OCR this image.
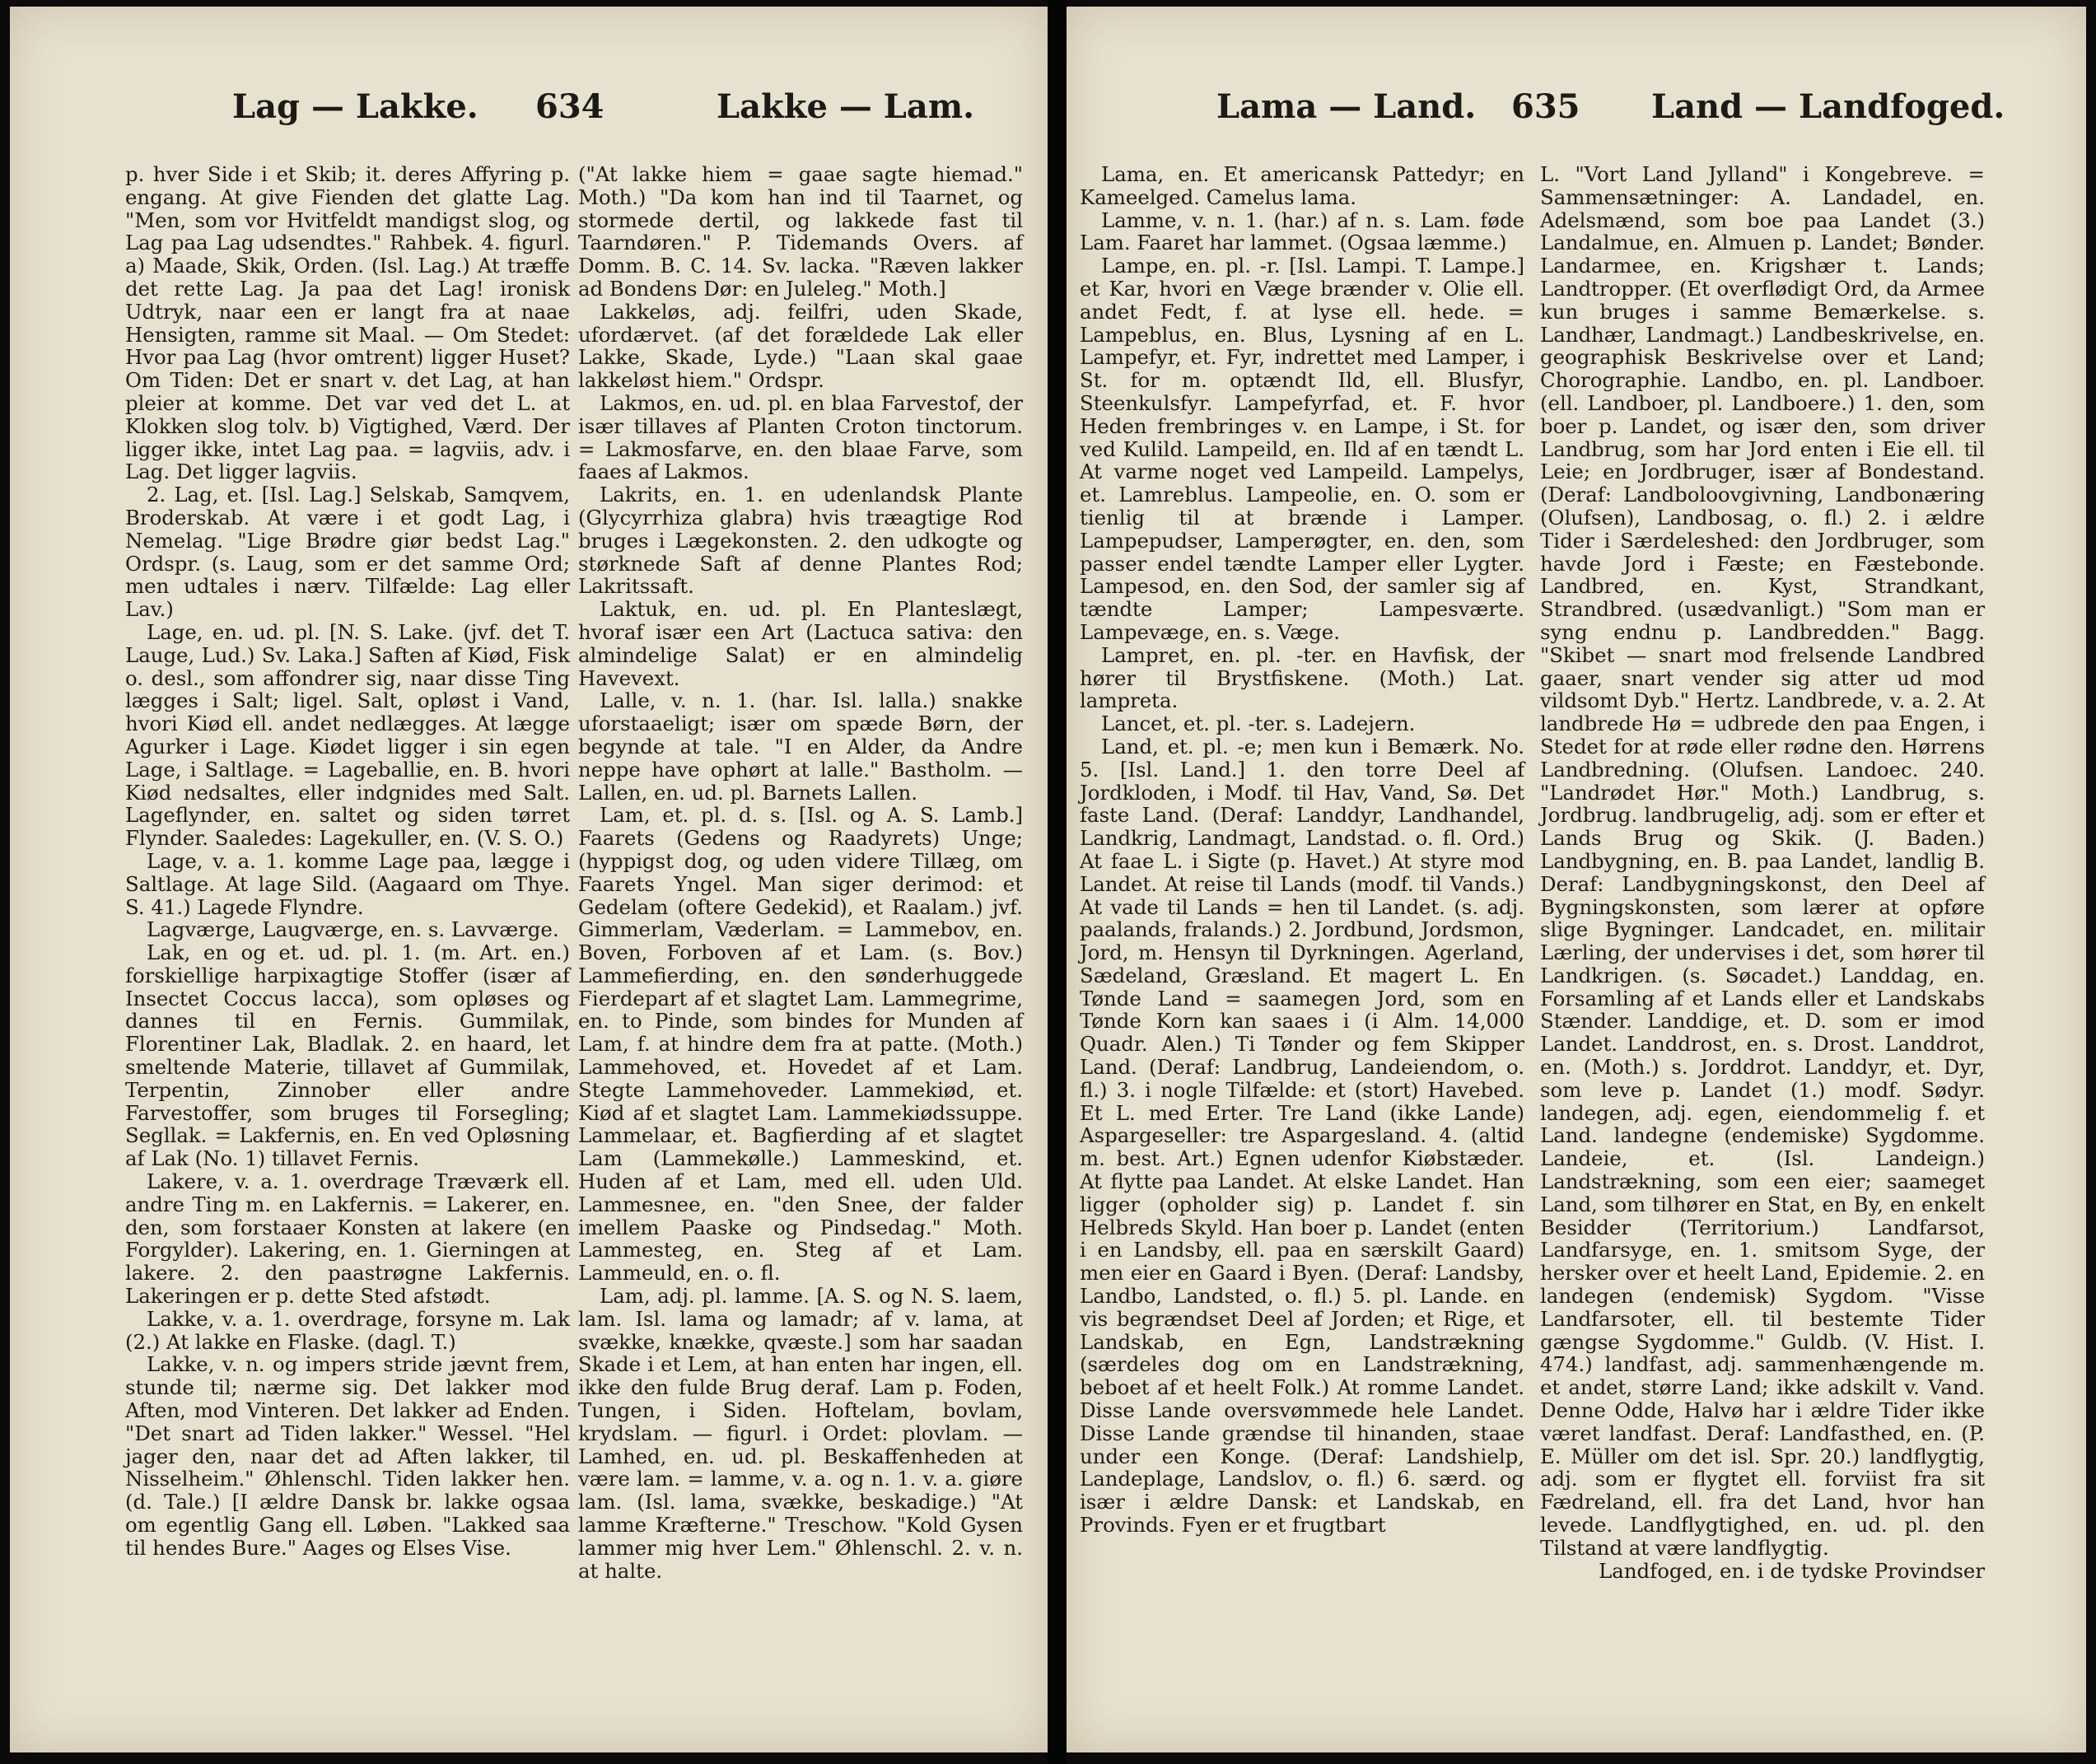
Lag — Lakke. 634	Lakke — Lam.

p. hver Side i et Skib; it. deres Affyring p. engang. At give Fienden det glatte Lag. "Men, som vor Hvitfeldt mandigst slog, og Lag paa Lag udsendtes." Rahbek. 4. figurl. a) Maade, Skik, Orden. (Isl. Lag.) At træffe det rette Lag. Ja paa det Lag! ironisk Udtryk, naar een er langt fra at naae Hensigten, ramme sit Maal. — Om Stedet: Hvor paa Lag (hvor omtrent) ligger Huset? Om Tiden: Det er snart v. det Lag, at han pleier at komme. Det var ved det L. at Klokken slog tolv. b) Vigtighed, Værd. Der ligger ikke, intet Lag paa. = lagviis, adv. i Lag. Det ligger lagviis.

2. Lag, et. [Isl. Lag.] Selskab, Samqvem, Broderskab. At være i et godt Lag, i Nemelag. "Lige Brødre giør bedst Lag." Ordspr. (s. Laug, som er det samme Ord; men udtales i nærv. Tilfælde: Lag eller Lav.)

Lage, en. ud. pl. [N. S. Lake. (jvf. det T. Lauge, Lud.) Sv. Laka.] Saften af Kiød, Fisk o. desl., som affondrer sig, naar disse Ting lægges i Salt; ligel. Salt, opløst i Vand, hvori Kiød ell. andet nedlægges. At lægge Agurker i Lage. Kiødet ligger i sin egen Lage, i Saltlage. = Lageballie, en. B. hvori Kiød nedsaltes, eller indgnides med Salt. Lageflynder, en. saltet og siden tørret Flynder. Saaledes: Lagekuller, en. (V. S. O.)

Lage, v. a. 1. komme Lage paa, lægge i Saltlage. At lage Sild. (Aagaard om Thye. S. 41.) Lagede Flyndre.

Lagværge, Laugværge, en. s. Lavværge.

Lak, en og et. ud. pl. 1. (m. Art. en.) forskiellige harpixagtige Stoffer (især af Insectet Coccus lacca), som opløses og dannes til en Fernis. Gummilak, Florentiner Lak, Bladlak. 2. en haard, let smeltende Materie, tillavet af Gummilak, Terpentin, Zinnober eller andre Farvestoffer, som bruges til Forsegling; Segllak. = Lakfernis, en. En ved Opløsning af Lak (No. 1) tillavet Fernis.

Lakere, v. a. 1. overdrage Træværk ell. andre Ting m. en Lakfernis. = Lakerer, en. den, som forstaaer Konsten at lakere (en Forgylder). Lakering, en. 1. Gierningen at lakere. 2. den paastrøgne Lakfernis. Lakeringen er p. dette Sted afstødt.

Lakke, v. a. 1. overdrage, forsyne m. Lak (2.) At lakke en Flaske. (dagl. T.)

Lakke, v. n. og impers stride jævnt frem, stunde til; nærme sig. Det lakker mod Aften, mod Vinteren. Det lakker ad Enden. "Det snart ad Tiden lakker." Wessel. "Hel jager den, naar det ad Aften lakker, til Nisselheim." Øhlenschl. Tiden lakker hen. (d. Tale.) [I ældre Dansk br. lakke ogsaa om egentlig Gang ell. Løben. "Lakked saa til hendes Bure." Aages og Elses Vise.

("At lakke hiem = gaae sagte hiemad." Moth.) "Da kom han ind til Taarnet, og stormede dertil, og lakkede fast til Taarndøren." P. Tidemands Overs. af Domm. B. C. 14. Sv. lacka. "Ræven lakker ad Bondens Dør: en Juleleg." Moth.]

Lakkeløs, adj. feilfri, uden Skade, ufordærvet. (af det forældede Lak eller Lakke, Skade, Lyde.) "Laan skal gaae lakkeløst hiem." Ordspr.

Lakmos, en. ud. pl. en blaa Farvestof, der især tillaves af Planten Croton tinctorum. = Lakmosfarve, en. den blaae Farve, som faaes af Lakmos.

Lakrits, en. 1. en udenlandsk Plante (Glycyrrhiza glabra) hvis træagtige Rod bruges i Lægekonsten. 2. den udkogte og størknede Saft af denne Plantes Rod; Lakritssaft.

Laktuk, en. ud. pl. En Planteslægt, hvoraf især een Art (Lactuca sativa: den almindelige Salat) er en almindelig Havevext.

Lalle, v. n. 1. (har. Isl. lalla.) snakke uforstaaeligt; især om spæde Børn, der begynde at tale. "I en Alder, da Andre neppe have ophørt at lalle." Bastholm. — Lallen, en. ud. pl. Barnets Lallen.

Lam, et. pl. d. s. [Isl. og A. S. Lamb.] Faarets (Gedens og Raadyrets) Unge; (hyppigst dog, og uden videre Tillæg, om Faarets Yngel. Man siger derimod: et Gedelam (oftere Gedekid), et Raalam.) jvf. Gimmerlam, Væderlam. = Lammebov, en. Boven, Forboven af et Lam. (s. Bov.) Lammefierding, en. den sønderhuggede Fierdepart af et slagtet Lam. Lammegrime, en. to Pinde, som bindes for Munden af Lam, f. at hindre dem fra at patte. (Moth.) Lammehoved, et. Hovedet af et Lam. Stegte Lammehoveder. Lammekiød, et. Kiød af et slagtet Lam. Lammekiødssuppe. Lammelaar, et. Bagfierding af et slagtet Lam (Lammekølle.) Lammeskind, et. Huden af et Lam, med ell. uden Uld. Lammesnee, en. "den Snee, der falder imellem Paaske og Pindsedag." Moth. Lammesteg, en. Steg af et Lam. Lammeuld, en. o. fl.

Lam, adj. pl. lamme. [A. S. og N. S. laem, lam. Isl. lama og lamadr; af v. lama, at svække, knække, qvæste.] som har saadan Skade i et Lem, at han enten har ingen, ell. ikke den fulde Brug deraf. Lam p. Foden, Tungen, i Siden. Hoftelam, bovlam, krydslam. — figurl. i Ordet: plovlam. — Lamhed, en. ud. pl. Beskaffenheden at være lam. = lamme, v. a. og n. 1. v. a. giøre lam. (Isl. lama, svække, beskadige.) "At lamme Kræfterne." Treschow. "Kold Gysen lammer mig hver Lem." Øhlenschl. 2. v. n. at halte.

Lama — Land. 635 Land — Landfoged.

Lama, en. Et americansk Pattedyr; en Kameelged. Camelus lama.

Lamme, v. n. 1. (har.) af n. s. Lam. føde Lam. Faaret har lammet. (Ogsaa læmme.)

Lampe, en. pl. -r. [Isl. Lampi. T. Lampe.] et Kar, hvori en Væge brænder v. Olie ell. andet Fedt, f. at lyse ell. hede. = Lampeblus, en. Blus, Lysning af en L. Lampefyr, et. Fyr, indrettet med Lamper, i St. for m. optændt Ild, ell. Blusfyr, Steenkulsfyr. Lampefyrfad, et. F. hvor Heden frembringes v. en Lampe, i St. for ved Kulild. Lampeild, en. Ild af en tændt L. At varme noget ved Lampeild. Lampelys, et. Lamreblus. Lampeolie, en. O. som er tienlig til at brænde i Lamper. Lampepudser, Lamperøgter, en. den, som passer endel tændte Lamper eller Lygter. Lampesod, en. den Sod, der samler sig af tændte Lamper; Lampesværte. Lampevæge, en. s. Væge.

Lampret, en. pl. -ter. en Havfisk, der hører til Brystfiskene. (Moth.) Lat. lampreta.

Lancet, et. pl. -ter. s. Ladejern.

Land, et. pl. -e; men kun i Bemærk. No. 5. [Isl. Land.] 1. den torre Deel af Jordkloden, i Modf. til Hav, Vand, Sø. Det faste Land. (Deraf: Landdyr, Landhandel, Landkrig, Landmagt, Landstad. o. fl. Ord.) At faae L. i Sigte (p. Havet.) At styre mod Landet. At reise til Lands (modf. til Vands.) At vade til Lands = hen til Landet. (s. adj. paalands, fralands.) 2. Jordbund, Jordsmon, Jord, m. Hensyn til Dyrkningen. Agerland, Sædeland, Græsland. Et magert L. En Tønde Land = saamegen Jord, som en Tønde Korn kan saaes i (i Alm. 14,000 Quadr. Alen.) Ti Tønder og fem Skipper Land. (Deraf: Landbrug, Landeiendom, o. fl.) 3. i nogle Tilfælde: et (stort) Havebed. Et L. med Erter. Tre Land (ikke Lande) Aspargeseller: tre Aspargesland. 4. (altid m. best. Art.) Egnen udenfor Kiøbstæder. At flytte paa Landet. At elske Landet. Han ligger (opholder sig) p. Landet f. sin Helbreds Skyld. Han boer p. Landet (enten i en Landsby, ell. paa en særskilt Gaard) men eier en Gaard i Byen. (Deraf: Landsby, Landbo, Landsted, o. fl.) 5. pl. Lande. en vis begrændset Deel af Jorden; et Rige, et Landskab, en Egn, Landstrækning (særdeles dog om en Landstrækning, beboet af et heelt Folk.) At romme Landet. Disse Lande oversvømmede hele Landet. Disse Lande grændse til hinanden, staae under een Konge. (Deraf: Landshielp, Landeplage, Landslov, o. fl.) 6. særd. og især i ældre Dansk: et Landskab, en Provinds. Fyen er et frugtbart

L. "Vort Land Jylland" i Kongebreve. = Sammensætninger: A. Landadel, en. Adelsmænd, som boe paa Landet (3.) Landalmue, en. Almuen p. Landet; Bønder. Landarmee, en. Krigshær t. Lands; Landtropper. (Et overflødigt Ord, da Armee kun bruges i samme Bemærkelse. s. Landhær, Landmagt.) Landbeskrivelse, en. geographisk Beskrivelse over et Land; Chorographie. Landbo, en. pl. Landboer. (ell. Landboer, pl. Landboere.) 1. den, som boer p. Landet, og især den, som driver Landbrug, som har Jord enten i Eie ell. til Leie; en Jordbruger, især af Bondestand. (Deraf: Landboloovgivning, Landbonæring (Olufsen), Landbosag, o. fl.) 2. i ældre Tider i Særdeleshed: den Jordbruger, som havde Jord i Fæste; en Fæstebonde. Landbred, en. Kyst, Strandkant, Strandbred. (usædvanligt.) "Som man er syng endnu p. Landbredden." Bagg. "Skibet — snart mod frelsende Landbred gaaer, snart vender sig atter ud mod vildsomt Dyb." Hertz. Landbrede, v. a. 2. At landbrede Hø = udbrede den paa Engen, i Stedet for at røde eller rødne den. Hørrens Landbredning. (Olufsen. Landoec. 240. "Landrødet Hør." Moth.) Landbrug, s. Jordbrug. landbrugelig, adj. som er efter et Lands Brug og Skik. (J. Baden.) Landbygning, en. B. paa Landet, landlig B. Deraf: Landbygningskonst, den Deel af Bygningskonsten, som lærer at opføre slige Bygninger. Landcadet, en. militair Lærling, der undervises i det, som hører til Landkrigen. (s. Søcadet.) Landdag, en. Forsamling af et Lands eller et Landskabs Stænder. Landdige, et. D. som er imod Landet. Landdrost, en. s. Drost. Landdrot, en. (Moth.) s. Jorddrot. Landdyr, et. Dyr, som leve p. Landet (1.) modf. Sødyr. landegen, adj. egen, eiendommelig f. et Land. landegne (endemiske) Sygdomme. Landeie, et. (Isl. Landeign.) Landstrækning, som een eier; saameget Land, som tilhører en Stat, en By, en enkelt Besidder (Territorium.) Landfarsot, Landfarsyge, en. 1. smitsom Syge, der hersker over et heelt Land, Epidemie. 2. en landegen (endemisk) Sygdom. "Visse Landfarsoter, ell. til bestemte Tider gængse Sygdomme." Guldb. (V. Hist. I. 474.) landfast, adj. sammenhængende m. et andet, større Land; ikke adskilt v. Vand. Denne Odde, Halvø har i ældre Tider ikke været landfast. Deraf: Landfasthed, en. (P. E. Müller om det isl. Spr. 20.) landflygtig, adj. som er flygtet ell. forviist fra sit Fædreland, ell. fra det Land, hvor han levede. Landflygtighed, en. ud. pl. den Tilstand at være landflygtig.

Landfoged, en. i de tydske Provindser
